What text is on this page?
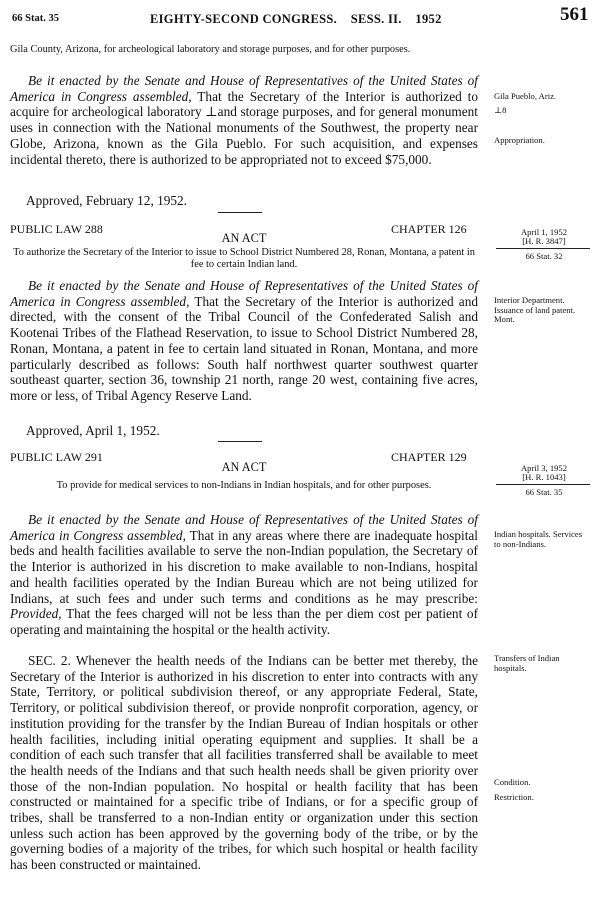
66 Stat. 35	EIGHTY-SECOND CONGRESS.    SESS. II.    1952	561
Gila County, Arizona, for archeological laboratory and storage purposes, and for other purposes.
Be it enacted by the Senate and House of Representatives of the United States of America in Congress assembled, That the Secretary of the Interior is authorized to acquire for archeological laboratory ⊥and storage purposes, and for general monument uses in connection with the National monuments of the Southwest, the property near Globe, Arizona, known as the Gila Pueblo. For such acquisition, and expenses incidental thereto, there is authorized to be appropriated not to exceed $75,000.
Approved, February 12, 1952.
Gila Pueblo, Ariz.
⊥8
Appropriation.
PUBLIC LAW 288	CHAPTER 126
AN ACT
To authorize the Secretary of the Interior to issue to School District Numbered 28, Ronan, Montana, a patent in fee to certain Indian land.
April 1, 1952
[H. R. 3847]
66 Stat. 32
Be it enacted by the Senate and House of Representatives of the United States of America in Congress assembled, That the Secretary of the Interior is authorized and directed, with the consent of the Tribal Council of the Confederated Salish and Kootenai Tribes of the Flathead Reservation, to issue to School District Numbered 28, Ronan, Montana, a patent in fee to certain land situated in Ronan, Montana, and more particularly described as follows: South half northwest quarter southwest quarter southeast quarter, section 36, township 21 north, range 20 west, containing five acres, more or less, of Tribal Agency Reserve Land.
Approved, April 1, 1952.
Interior Department. Issuance of land patent. Mont.
PUBLIC LAW 291	CHAPTER 129
AN ACT
To provide for medical services to non-Indians in Indian hospitals, and for other purposes.
April 3, 1952
[H. R. 1043]
66 Stat. 35
Be it enacted by the Senate and House of Representatives of the United States of America in Congress assembled, That in any areas where there are inadequate hospital beds and health facilities available to serve the non-Indian population, the Secretary of the Interior is authorized in his discretion to make available to non-Indians, hospital and health facilities operated by the Indian Bureau which are not being utilized for Indians, at such fees and under such terms and conditions as he may prescribe: Provided, That the fees charged will not be less than the per diem cost per patient of operating and maintaining the hospital or the health activity.
SEC. 2. Whenever the health needs of the Indians can be better met thereby, the Secretary of the Interior is authorized in his discretion to enter into contracts with any State, Territory, or political subdivision thereof, or any appropriate Federal, State, Territory, or political subdivision thereof, or provide nonprofit corporation, agency, or institution providing for the transfer by the Indian Bureau of Indian hospitals or other health facilities, including initial operating equipment and supplies. It shall be a condition of each such transfer that all facilities transferred shall be available to meet the health needs of the Indians and that such health needs shall be given priority over those of the non-Indian population. No hospital or health facility that has been constructed or maintained for a specific tribe of Indians, or for a specific group of tribes, shall be transferred to a non-Indian entity or organization under this section unless such action has been approved by the governing body of the tribe, or by the governing bodies of a majority of the tribes, for which such hospital or health facility has been constructed or maintained.
Indian hospitals. Services to non-Indians.
Transfers of Indian hospitals.
Condition.
Restriction.
